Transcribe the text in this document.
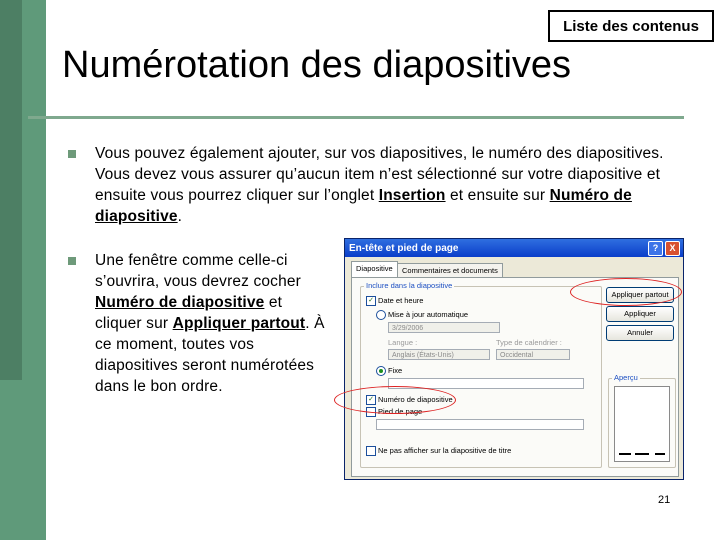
Liste des contenus
Numérotation des diapositives
Vous pouvez également ajouter, sur vos diapositives, le numéro des diapositives. Vous devez vous assurer qu’aucun item n’est sélectionné sur votre diapositive et ensuite vous pourrez cliquer sur l’onglet Insertion et ensuite sur Numéro de diapositive.
Une fenêtre comme celle-ci s’ouvrira, vous devrez cocher Numéro de diapositive et cliquer sur Appliquer partout. À ce moment, toutes vos diapositives seront numérotées dans le bon ordre.
En-tête et pied de page	?	X
Diapositive	Commentaires et documents
Inclure dans la diapositive
✓ Date et heure
Mise à jour automatique
3/29/2006
Langue :	Type de calendrier :
Anglais (États-Unis)	Occidental
Fixe
✓ Numéro de diapositive
Pied de page
Ne pas afficher sur la diapositive de titre
Appliquer partout
Appliquer
Annuler
Aperçu
21
